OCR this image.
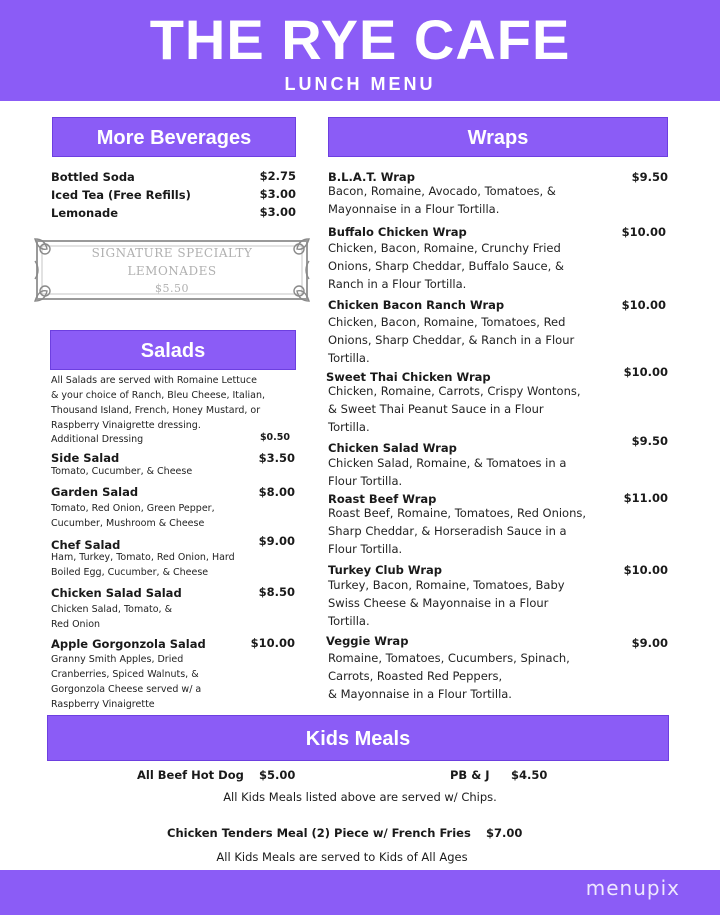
THE RYE CAFE
LUNCH MENU
More Beverages
Bottled Soda	$2.75
Iced Tea (Free Refills)	$3.00
Lemonade	$3.00
SIGNATURE SPECIALTY
LEMONADES
$5.50
Salads
All Salads are served with Romaine Lettuce
& your choice of Ranch, Bleu Cheese, Italian,
Thousand Island, French, Honey Mustard, or
Raspberry Vinaigrette dressing.
Additional Dressing	$0.50
Side Salad	$3.50
Tomato, Cucumber, & Cheese
Garden Salad	$8.00
Tomato, Red Onion, Green Pepper,
Cucumber, Mushroom & Cheese
Chef Salad	$9.00
Ham, Turkey, Tomato, Red Onion, Hard
Boiled Egg, Cucumber, & Cheese
Chicken Salad Salad	$8.50
Chicken Salad, Tomato, &
Red Onion
Apple Gorgonzola Salad	$10.00
Granny Smith Apples, Dried
Cranberries, Spiced Walnuts, &
Gorgonzola Cheese served w/ a
Raspberry Vinaigrette
Wraps
B.L.A.T. Wrap	$9.50
Bacon, Romaine, Avocado, Tomatoes, &
Mayonnaise in a Flour Tortilla.
Buffalo Chicken Wrap	$10.00
Chicken, Bacon, Romaine, Crunchy Fried
Onions, Sharp Cheddar, Buffalo Sauce, &
Ranch in a Flour Tortilla.
Chicken Bacon Ranch Wrap	$10.00
Chicken, Bacon, Romaine, Tomatoes, Red
Onions, Sharp Cheddar, & Ranch in a Flour
Tortilla.
Sweet Thai Chicken Wrap	$10.00
Chicken, Romaine, Carrots, Crispy Wontons,
& Sweet Thai Peanut Sauce in a Flour
Tortilla.
Chicken Salad Wrap	$9.50
Chicken Salad, Romaine, & Tomatoes in a
Flour Tortilla.
Roast Beef Wrap	$11.00
Roast Beef, Romaine, Tomatoes, Red Onions,
Sharp Cheddar, & Horseradish Sauce in a
Flour Tortilla.
Turkey Club Wrap	$10.00
Turkey, Bacon, Romaine, Tomatoes, Baby
Swiss Cheese & Mayonnaise in a Flour
Tortilla.
Veggie Wrap	$9.00
Romaine, Tomatoes, Cucumbers, Spinach,
Carrots, Roasted Red Peppers,
& Mayonnaise in a Flour Tortilla.
Kids Meals
All Beef Hot Dog $5.00	PB & J $4.50
All Kids Meals listed above are served w/ Chips.
Chicken Tenders Meal (2) Piece w/ French Fries $7.00
All Kids Meals are served to Kids of All Ages
menupix
